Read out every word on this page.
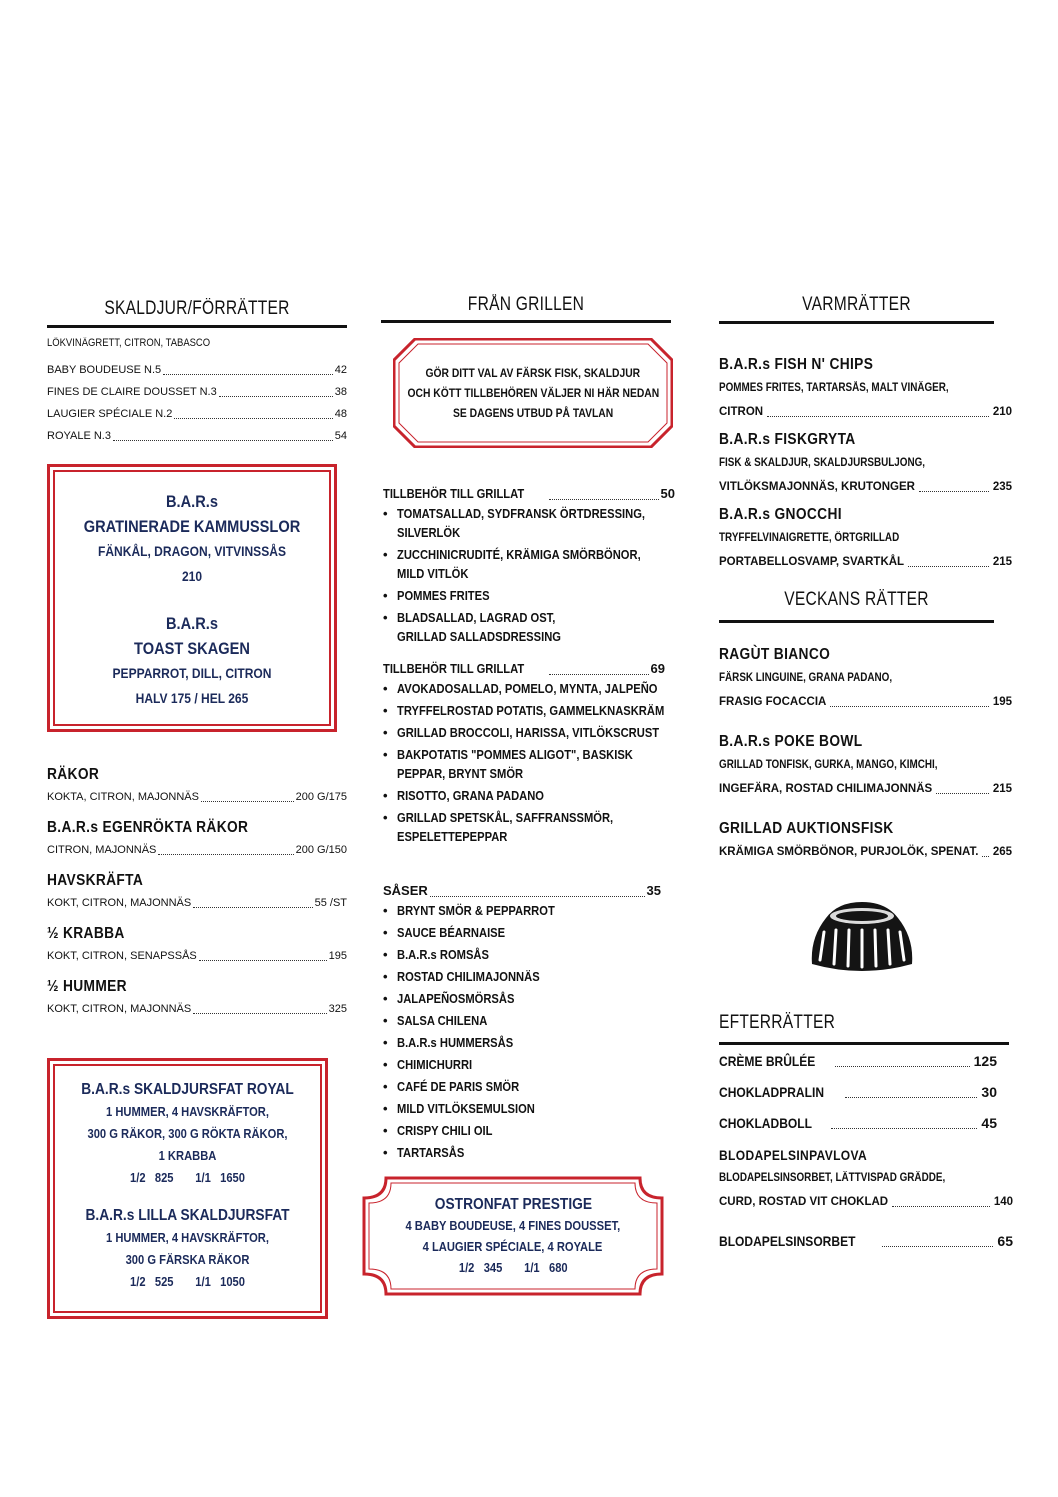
SKALDJUR/FÖRRÄTTER
LÖKVINÄGRETT, CITRON, TABASCO
BABY BOUDEUSE N.5	42
FINES DE CLAIRE DOUSSET N.3	38
LAUGIER SPÉCIALE N.2	48
ROYALE N.3	54
B.A.R.s
GRATINERADE KAMMUSSLOR
FÄNKÅL, DRAGON, VITVINSSÅS
210
B.A.R.s
TOAST SKAGEN
PEPPARROT, DILL, CITRON
HALV 175 / HEL 265
RÄKOR
KOKTA, CITRON, MAJONNÄS	200 G/175
B.A.R.s EGENRÖKTA RÄKOR
CITRON, MAJONNÄS	200 G/150
HAVSKRÄFTA
KOKT, CITRON, MAJONNÄS	55 /ST
½ KRABBA
KOKT, CITRON, SENAPSSÅS	195
½ HUMMER
KOKT, CITRON, MAJONNÄS	325
B.A.R.s SKALDJURSFAT ROYAL
1 HUMMER, 4 HAVSKRÄFTOR,
300 G RÄKOR, 300 G RÖKTA RÄKOR,
1 KRABBA
1/2   825       1/1   1650
B.A.R.s LILLA SKALDJURSFAT
1 HUMMER, 4 HAVSKRÄFTOR,
300 G FÄRSKA RÄKOR
1/2   525       1/1   1050
FRÅN GRILLEN
GÖR DITT VAL AV FÄRSK FISK, SKALDJUR
OCH KÖTT TILLBEHÖREN VÄLJER NI HÄR NEDAN
SE DAGENS UTBUD PÅ TAVLAN
TILLBEHÖR TILL GRILLAT	50
• TOMATSALLAD, SYDFRANSK ÖRTDRESSING,
SILVERLÖK
• ZUCCHINICRUDITÉ, KRÄMIGA SMÖRBÖNOR,
MILD VITLÖK
• POMMES FRITES
• BLADSALLAD, LAGRAD OST,
GRILLAD SALLADSDRESSING
TILLBEHÖR TILL GRILLAT	69
• AVOKADOSALLAD, POMELO, MYNTA, JALPEÑO
• TRYFFELROSTAD POTATIS, GAMMELKNASKRÄM
• GRILLAD BROCCOLI, HARISSA, VITLÖKSCRUST
• BAKPOTATIS "POMMES ALIGOT", BASKISK
PEPPAR, BRYNT SMÖR
• RISOTTO, GRANA PADANO
• GRILLAD SPETSKÅL, SAFFRANSSMÖR,
ESPELETTEPEPPAR
SÅSER	35
• BRYNT SMÖR & PEPPARROT
• SAUCE BÉARNAISE
• B.A.R.s ROMSÅS
• ROSTAD CHILIMAJONNÄS
• JALAPEÑOSMÖRSÅS
• SALSA CHILENA
• B.A.R.s HUMMERSÅS
• CHIMICHURRI
• CAFÉ DE PARIS SMÖR
• MILD VITLÖKSEMULSION
• CRISPY CHILI OIL
• TARTARSÅS
OSTRONFAT PRESTIGE
4 BABY BOUDEUSE, 4 FINES DOUSSET,
4 LAUGIER SPÉCIALE, 4 ROYALE
1/2   345       1/1   680
VARMRÄTTER
B.A.R.s FISH N' CHIPS
POMMES FRITES, TARTARSÅS, MALT VINÄGER,
CITRON	210
B.A.R.s FISKGRYTA
FISK & SKALDJUR, SKALDJURSBULJONG,
VITLÖKSMAJONNÄS, KRUTONGER	235
B.A.R.s GNOCCHI
TRYFFELVINAIGRETTE, ÖRTGRILLAD
PORTABELLOSVAMP, SVARTKÅL	215
VECKANS RÄTTER
RAGÙT BIANCO
FÄRSK LINGUINE, GRANA PADANO,
FRASIG FOCACCIA	195
B.A.R.s POKE BOWL
GRILLAD TONFISK, GURKA, MANGO, KIMCHI,
INGEFÄRA, ROSTAD CHILIMAJONNÄS	215
GRILLAD AUKTIONSFISK
KRÄMIGA SMÖRBÖNOR, PURJOLÖK, SPENAT. 265
EFTERRÄTTER
CRÈME BRÛLÉE	125
CHOKLADPRALIN	30
CHOKLADBOLL	45
BLODAPELSINPAVLOVA
BLODAPELSINSORBET, LÄTTVISPAD GRÄDDE,
CURD, ROSTAD VIT CHOKLAD	140
BLODAPELSINSORBET	65
